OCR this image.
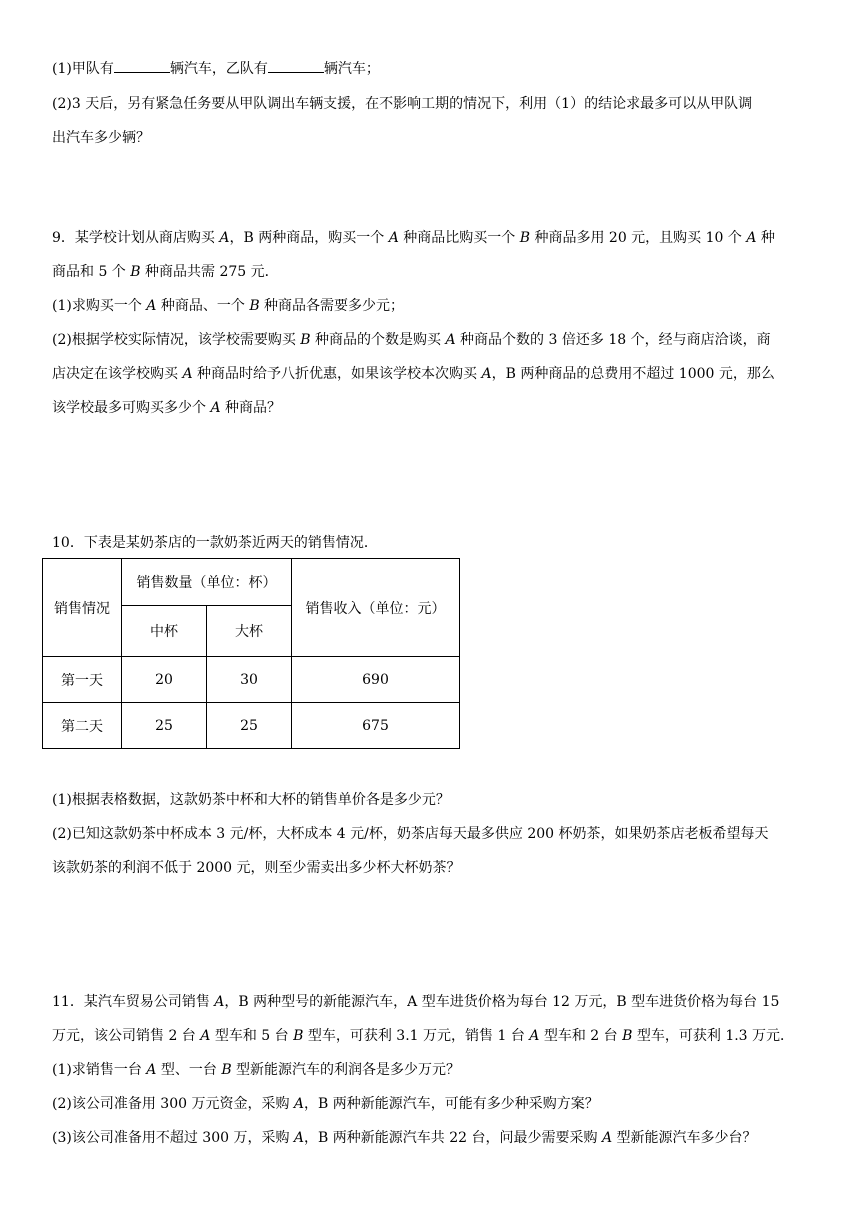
(1)甲队有	辆汽车，乙队有	辆汽车；
(2)3 天后，另有紧急任务要从甲队调出车辆支援，在不影响工期的情况下，利用（1）的结论求最多可以从甲队调
出汽车多少辆？
9．某学校计划从商店购买 A，B 两种商品，购买一个 A 种商品比购买一个 B 种商品多用 20 元，且购买 10 个 A 种
商品和 5 个 B 种商品共需 275 元．
(1)求购买一个 A 种商品、一个 B 种商品各需要多少元；
(2)根据学校实际情况，该学校需要购买 B 种商品的个数是购买 A 种商品个数的 3 倍还多 18 个，经与商店洽谈，商
店决定在该学校购买 A 种商品时给予八折优惠，如果该学校本次购买 A，B 两种商品的总费用不超过 1000 元，那么
该学校最多可购买多少个 A 种商品？
10．下表是某奶茶店的一款奶茶近两天的销售情况．
销售情况	销售数量（单位：杯）		销售收入（单位：元）
	中杯	大杯	
第一天	20	30	690
第二天	25	25	675
(1)根据表格数据，这款奶茶中杯和大杯的销售单价各是多少元？
(2)已知这款奶茶中杯成本 3 元/杯，大杯成本 4 元/杯，奶茶店每天最多供应 200 杯奶茶，如果奶茶店老板希望每天
该款奶茶的利润不低于 2000 元，则至少需卖出多少杯大杯奶茶？
11．某汽车贸易公司销售 A，B 两种型号的新能源汽车，A 型车进货价格为每台 12 万元，B 型车进货价格为每台 15
万元，该公司销售 2 台 A 型车和 5 台 B 型车，可获利 3.1 万元，销售 1 台 A 型车和 2 台 B 型车，可获利 1.3 万元．
(1)求销售一台 A 型、一台 B 型新能源汽车的利润各是多少万元？
(2)该公司准备用 300 万元资金，采购 A，B 两种新能源汽车，可能有多少种采购方案？
(3)该公司准备用不超过 300 万，采购 A，B 两种新能源汽车共 22 台，问最少需要采购 A 型新能源汽车多少台？
